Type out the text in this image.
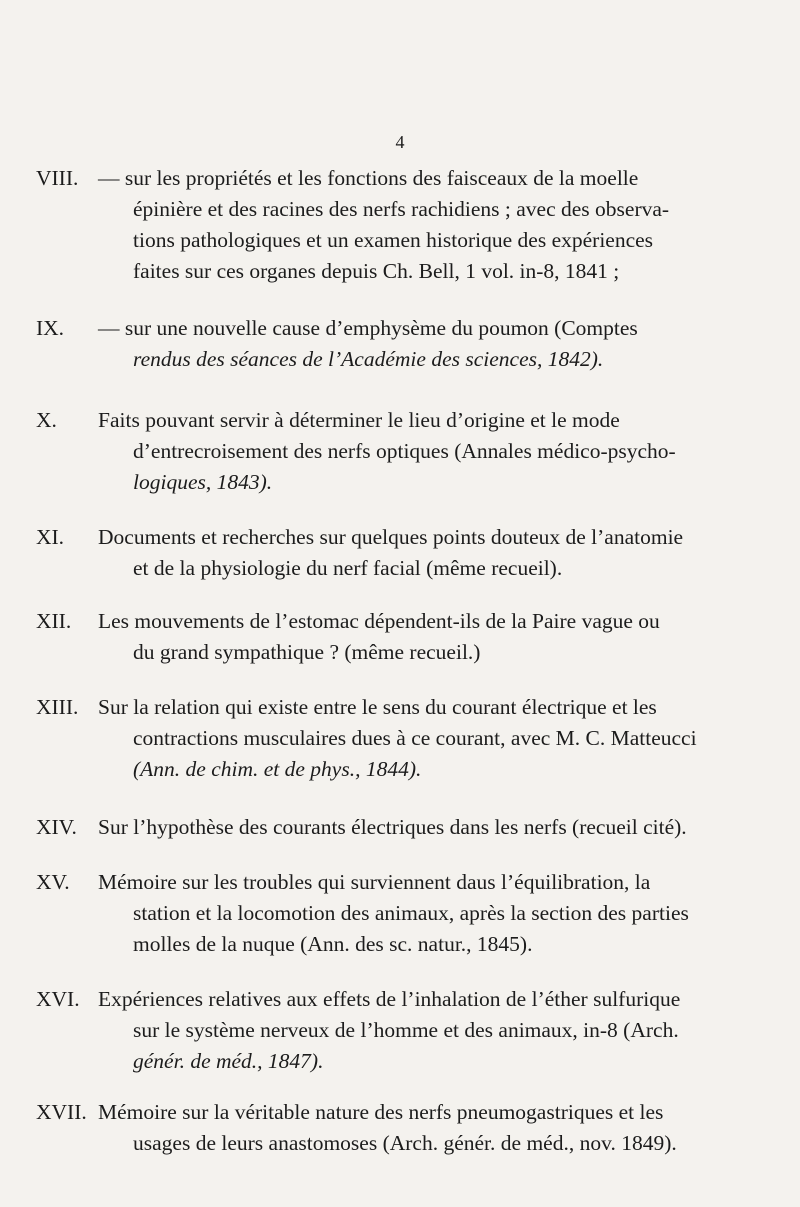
4
VIII. — sur les propriétés et les fonctions des faisceaux de la moelle
épinière et des racines des nerfs rachidiens ; avec des observa-
tions pathologiques et un examen historique des expériences
faites sur ces organes depuis Ch. Bell, 1 vol. in-8, 1841 ;
IX. — sur une nouvelle cause d’emphysème du poumon (Comptes
rendus des séances de l’Académie des sciences, 1842).
X. Faits pouvant servir à déterminer le lieu d’origine et le mode
d’entrecroisement des nerfs optiques (Annales médico-psycho-
logiques, 1843).
XI. Documents et recherches sur quelques points douteux de l’anatomie
et de la physiologie du nerf facial (même recueil).
XII. Les mouvements de l’estomac dépendent-ils de la Paire vague ou
du grand sympathique ? (même recueil.)
XIII. Sur la relation qui existe entre le sens du courant électrique et les
contractions musculaires dues à ce courant, avec M. C. Matteucci
(Ann. de chim. et de phys., 1844).
XIV. Sur l’hypothèse des courants électriques dans les nerfs (recueil cité).
XV. Mémoire sur les troubles qui surviennent daus l’équilibration, la
station et la locomotion des animaux, après la section des parties
molles de la nuque (Ann. des sc. natur., 1845).
XVI. Expériences relatives aux effets de l’inhalation de l’éther sulfurique
sur le système nerveux de l’homme et des animaux, in-8 (Arch.
génér. de méd., 1847).
XVII. Mémoire sur la véritable nature des nerfs pneumogastriques et les
usages de leurs anastomoses (Arch. génér. de méd., nov. 1849).
